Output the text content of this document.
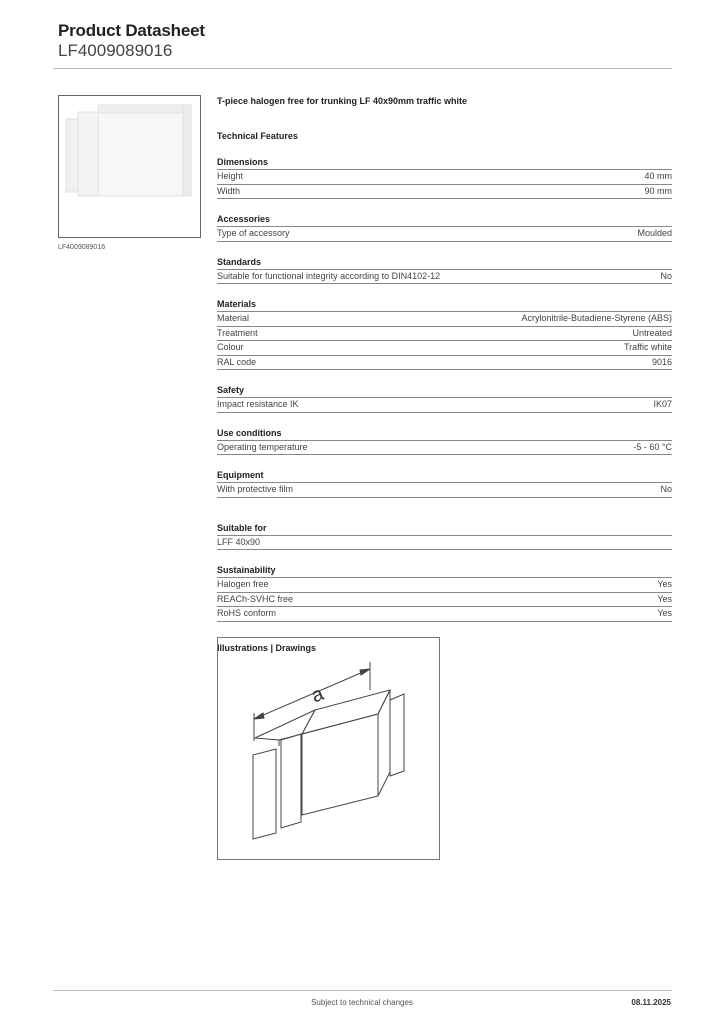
Product Datasheet
LF4009089016
LF4009089016
T-piece halogen free for trunking LF 40x90mm traffic white
Technical Features
Dimensions
Height	40 mm
Width	90 mm
Accessories
Type of accessory	Moulded
Standards
Suitable for functional integrity according to DIN4102-12	No
Materials
Material	Acrylonitrile-Butadiene-Styrene (ABS)
Treatment	Untreated
Colour	Traffic white
RAL code	9016
Safety
Impact resistance IK	IK07
Use conditions
Operating temperature	-5 - 60 °C
Equipment
With protective film	No
Suitable for
LFF 40x90
Sustainability
Halogen free	Yes
REACh-SVHC free	Yes
RoHS conform	Yes
Illustrations | Drawings
a
Subject to technical changes	08.11.2025
